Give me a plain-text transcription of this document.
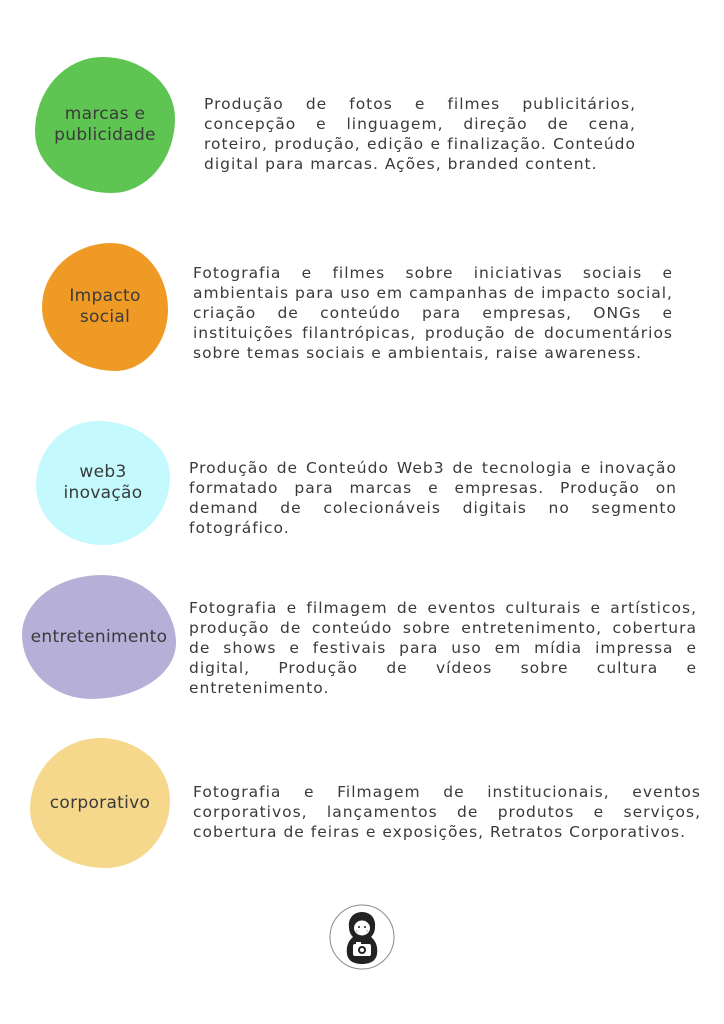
marcas e
publicidade
Produção de fotos e filmes publicitários, concepção e linguagem, direção de cena, roteiro, produção, edição e finalização. Conteúdo digital para marcas. Ações, branded content.
Impacto
social
Fotografia e filmes sobre iniciativas sociais e ambientais para uso em campanhas de impacto social, criação de conteúdo para empresas, ONGs e instituições filantrópicas, produção de documentários sobre temas sociais e ambientais, raise awareness.
web3
inovação
Produção de Conteúdo Web3 de tecnologia e inovação formatado para marcas e empresas. Produção on demand de colecionáveis digitais no segmento fotográfico.
entretenimento
Fotografia e filmagem de eventos culturais e artísticos, produção de conteúdo sobre entretenimento, cobertura de shows e festivais para uso em mídia impressa e digital, Produção de vídeos sobre cultura e entretenimento.
corporativo
Fotografia e Filmagem de institucionais, eventos corporativos, lançamentos de produtos e serviços, cobertura de feiras e exposições, Retratos Corporativos.
